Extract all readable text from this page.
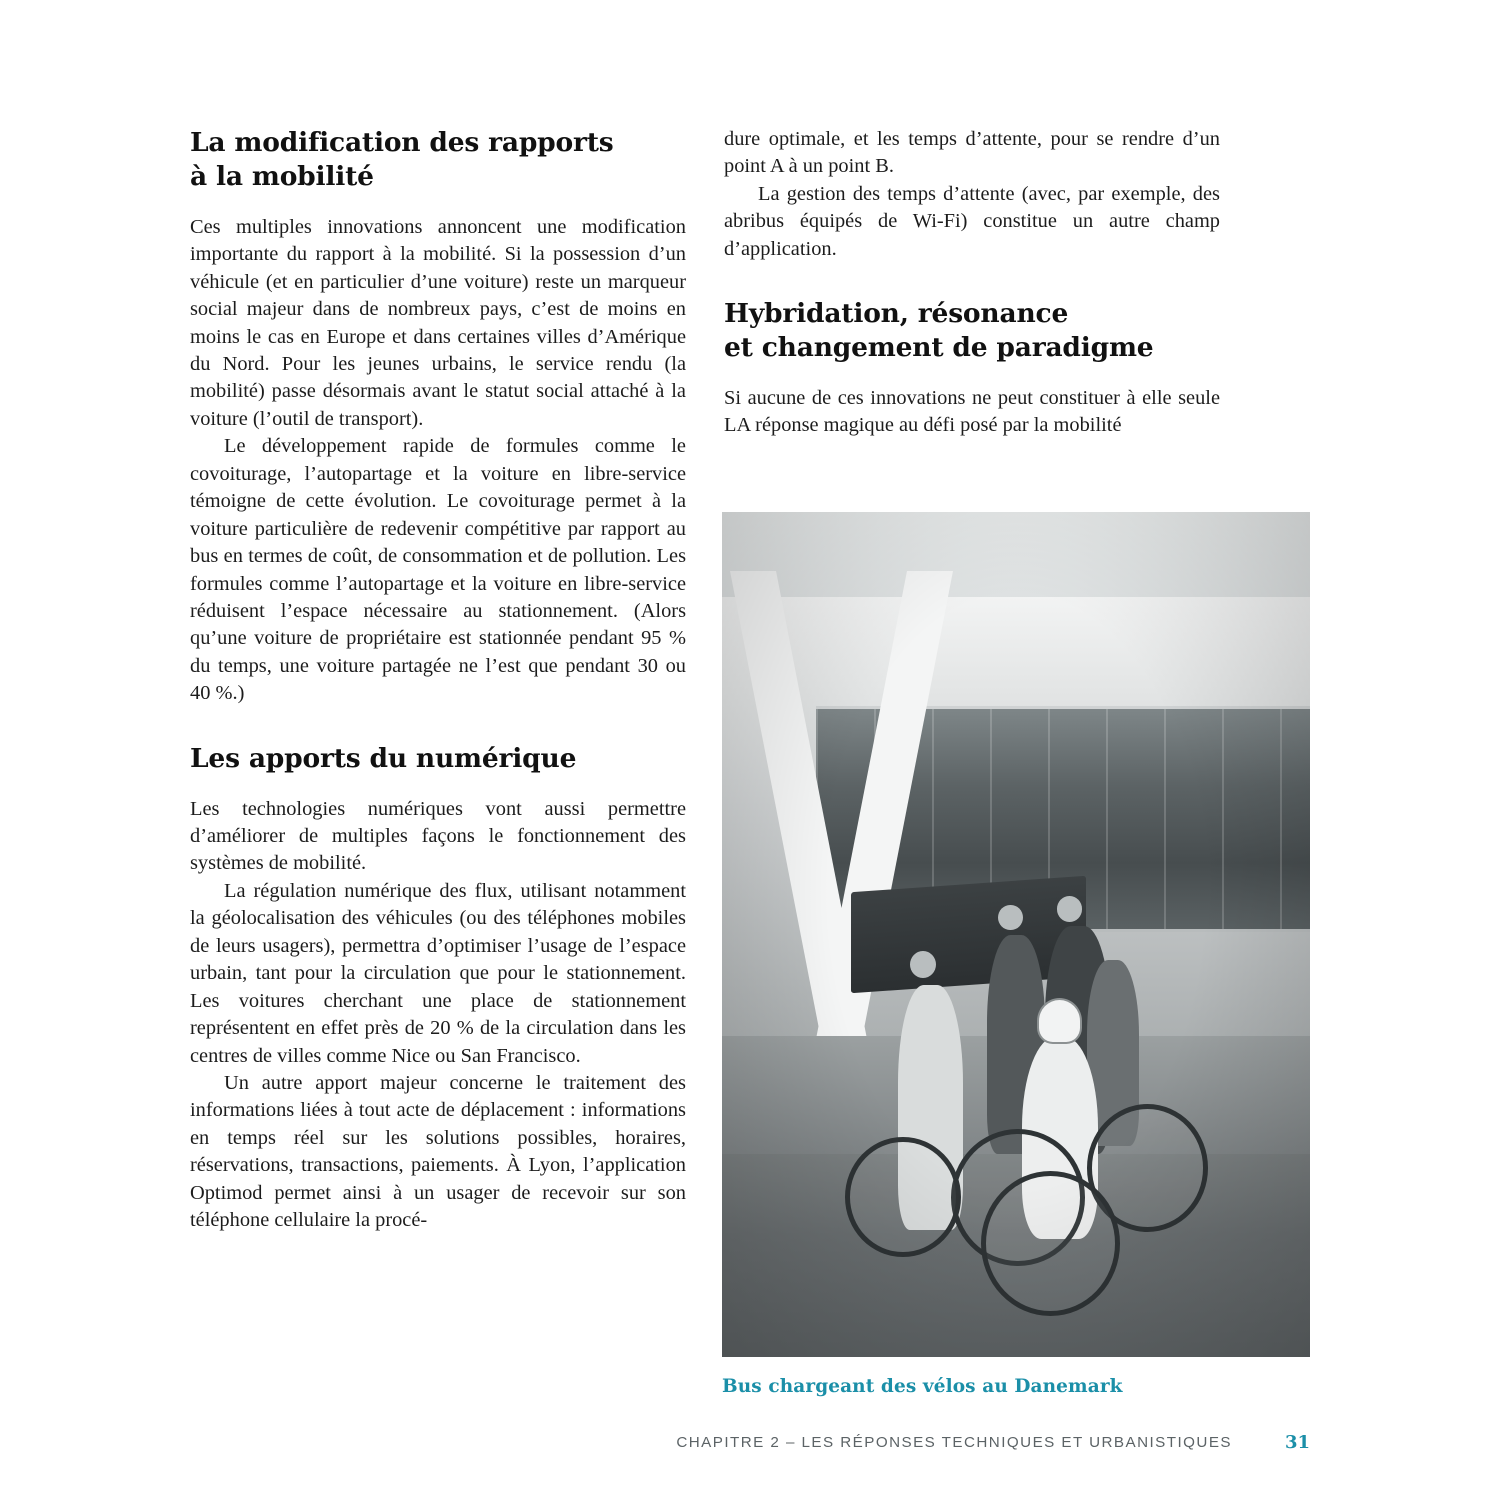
La modification des rapports
à la mobilité

Ces multiples innovations annoncent une modification importante du rapport à la mobilité. Si la possession d’un véhicule (et en particulier d’une voiture) reste un marqueur social majeur dans de nombreux pays, c’est de moins en moins le cas en Europe et dans certaines villes d’Amérique du Nord. Pour les jeunes urbains, le service rendu (la mobilité) passe désormais avant le statut social attaché à la voiture (l’outil de transport).

Le développement rapide de formules comme le covoiturage, l’autopartage et la voiture en libre-service témoigne de cette évolution. Le covoiturage permet à la voiture particulière de redevenir compétitive par rapport au bus en termes de coût, de consommation et de pollution. Les formules comme l’autopartage et la voiture en libre-service réduisent l’espace nécessaire au stationnement. (Alors qu’une voiture de propriétaire est stationnée pendant 95 % du temps, une voiture partagée ne l’est que pendant 30 ou 40 %.)

Les apports du numérique

Les technologies numériques vont aussi permettre d’améliorer de multiples façons le fonctionnement des systèmes de mobilité.

La régulation numérique des flux, utilisant notamment la géolocalisation des véhicules (ou des téléphones mobiles de leurs usagers), permettra d’optimiser l’usage de l’espace urbain, tant pour la circulation que pour le stationnement. Les voitures cherchant une place de stationnement représentent en effet près de 20 % de la circulation dans les centres de villes comme Nice ou San Francisco.

Un autre apport majeur concerne le traitement des informations liées à tout acte de déplacement : informations en temps réel sur les solutions possibles, horaires, réservations, transactions, paiements. À Lyon, l’application Optimod permet ainsi à un usager de recevoir sur son téléphone cellulaire la procé-

dure optimale, et les temps d’attente, pour se rendre d’un point A à un point B.

La gestion des temps d’attente (avec, par exemple, des abribus équipés de Wi-Fi) constitue un autre champ d’application.

Hybridation, résonance
et changement de paradigme

Si aucune de ces innovations ne peut constituer à elle seule LA réponse magique au défi posé par la mobilité

Bus chargeant des vélos au Danemark
CHAPITRE 2 – LES RÉPONSES TECHNIQUES ET URBANISTIQUES	31
